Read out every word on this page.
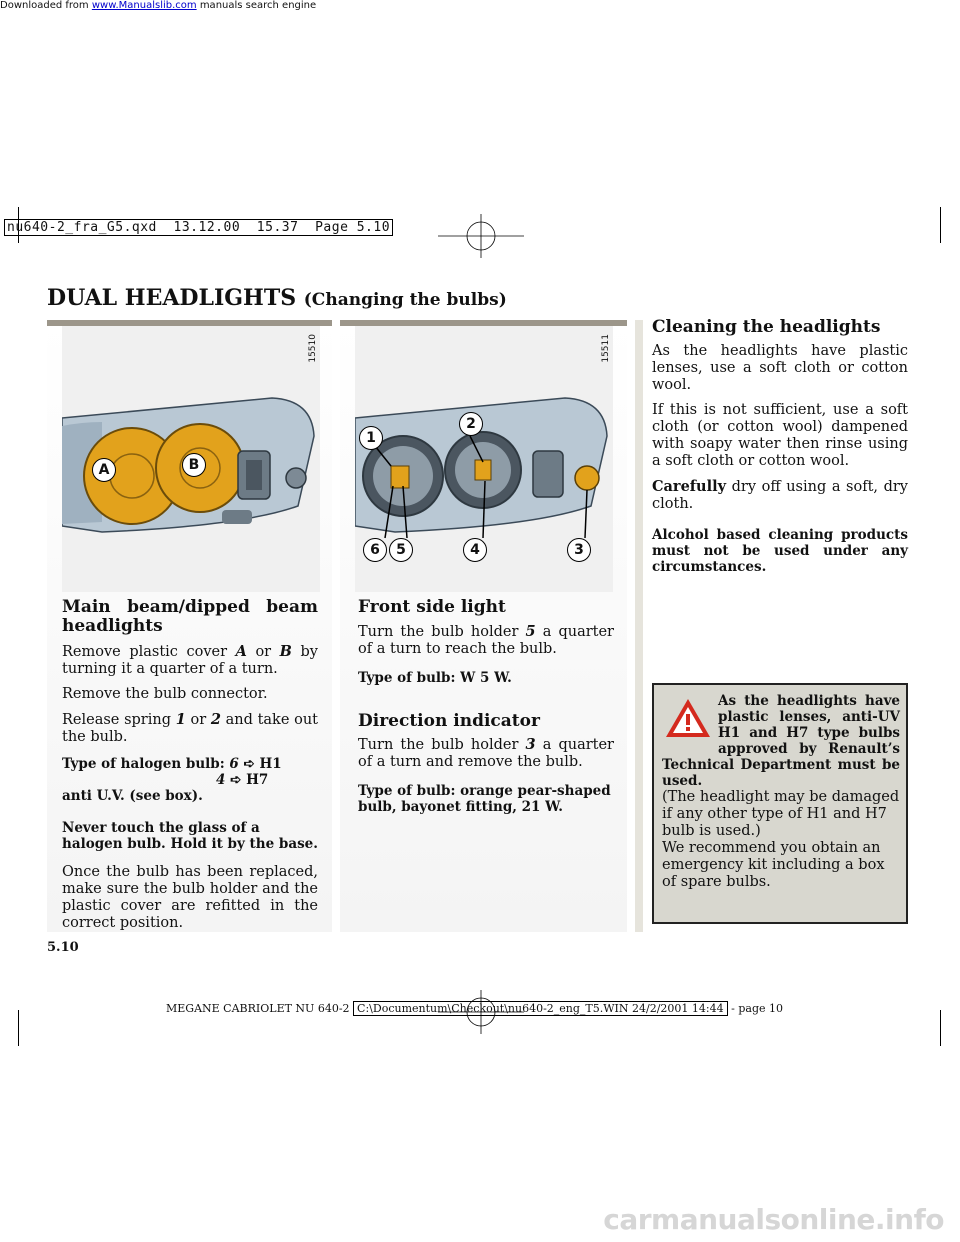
Downloaded from www.Manualslib.com manuals search engine
nu640-2_fra_G5.qxd  13.12.00  15.37  Page 5.10
DUAL HEADLIGHTS (Changing the bulbs)
15510
A	B
15511
1
2
6	5	4	3
Main beam/dipped beam headlights

Remove plastic cover A or B by turning it a quarter of a turn.

Remove the bulb connector.

Release spring 1 or 2 and take out the bulb.

Type of halogen bulb: 6 ➪ H1
4 ➪ H7
anti U.V. (see box).

Never touch the glass of a halogen bulb. Hold it by the base.

Once the bulb has been replaced, make sure the bulb holder and the plastic cover are refitted in the correct position.

Front side light

Turn the bulb holder 5 a quarter of a turn to reach the bulb.

Type of bulb: W 5 W.

Direction indicator

Turn the bulb holder 3 a quarter of a turn and remove the bulb.

Type of bulb: orange pear-shaped bulb, bayonet fitting, 21 W.

Cleaning the headlights

As the headlights have plastic lenses, use a soft cloth or cotton wool.

If this is not sufficient, use a soft cloth (or cotton wool) dampened with soapy water then rinse using a soft cloth or cotton wool.

Carefully dry off using a soft, dry cloth.

Alcohol based cleaning products must not be used under any circumstances.

As the headlights have plastic lenses, anti-UV H1 and H7 type bulbs approved by Renault’s Technical Department must be used.

(The headlight may be damaged if any other type of H1 and H7 bulb is used.)

We recommend you obtain an emergency kit including a box of spare bulbs.

5.10
MEGANE CABRIOLET NU 640-2 C:\Documentum\Checkout\nu640-2_eng_T5.WIN 24/2/2001 14:44 - page 10
carmanualsonline.info
